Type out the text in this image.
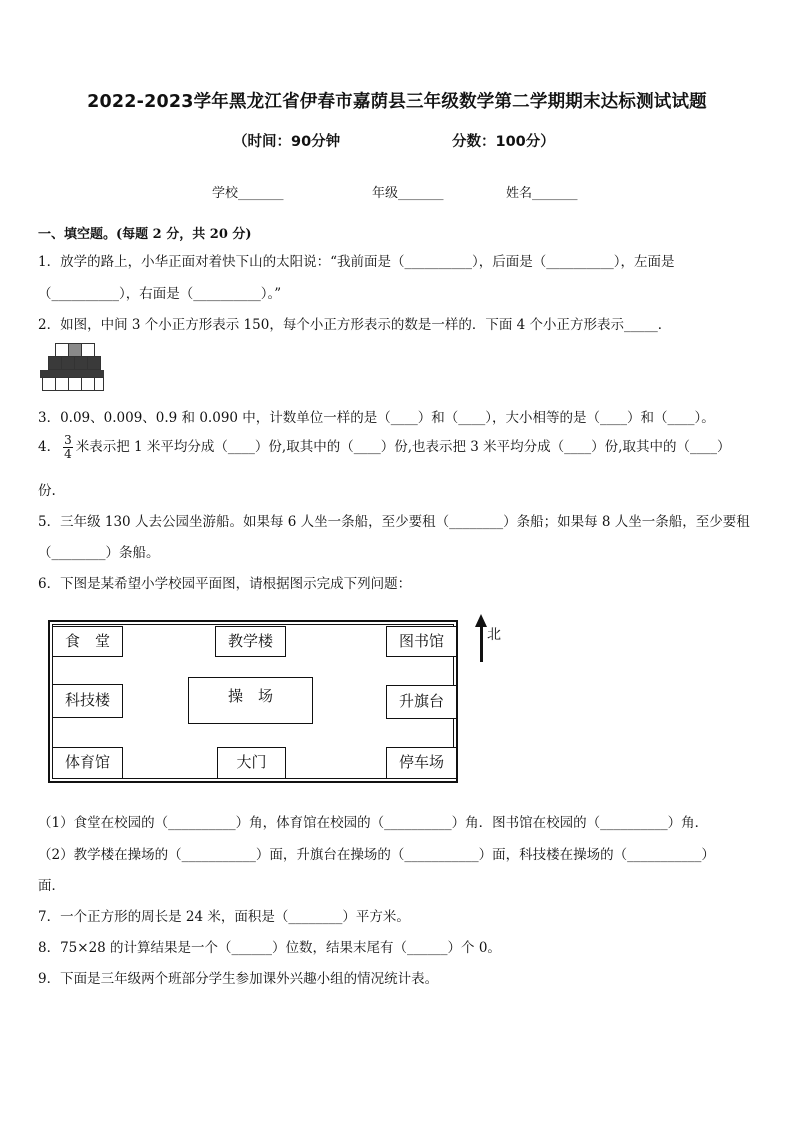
2022-2023学年黑龙江省伊春市嘉荫县三年级数学第二学期期末达标测试试题
（时间：90分钟	分数：100分）
学校_______	年级_______	姓名_______
一、填空题。(每题 2 分，共 20 分)
1．放学的路上，小华正面对着快下山的太阳说：“我前面是（__________），后面是（__________），左面是
（__________），右面是（__________）。”
2．如图，中间 3 个小正方形表示 150，每个小正方形表示的数是一样的．下面 4 个小正方形表示_____．
3．0.09、0.009、0.9 和 0.090 中，计数单位一样的是（____）和（____），大小相等的是（____）和（____）。
4． $\frac{3}{4}$ 米表示把 1 米平均分成（____）份,取其中的（____）份,也表示把 3 米平均分成（____）份,取其中的（____）
份.
5．三年级 130 人去公园坐游船。如果每 6 人坐一条船，至少要租（________）条船；如果每 8 人坐一条船，至少要租
（________）条船。
6．下图是某希望小学校园平面图，请根据图示完成下列问题：
食　堂	教学楼	图书馆
科技楼	操　场	升旗台
体育馆	大门	停车场
北
（1）食堂在校园的（__________）角，体育馆在校园的（__________）角．图书馆在校园的（__________）角．
（2）教学楼在操场的（___________）面，升旗台在操场的（___________）面，科技楼在操场的（___________）
面．
7．一个正方形的周长是 24 米，面积是（________）平方米。
8．75×28 的计算结果是一个（______）位数，结果末尾有（______）个 0。
9．下面是三年级两个班部分学生参加课外兴趣小组的情况统计表。
